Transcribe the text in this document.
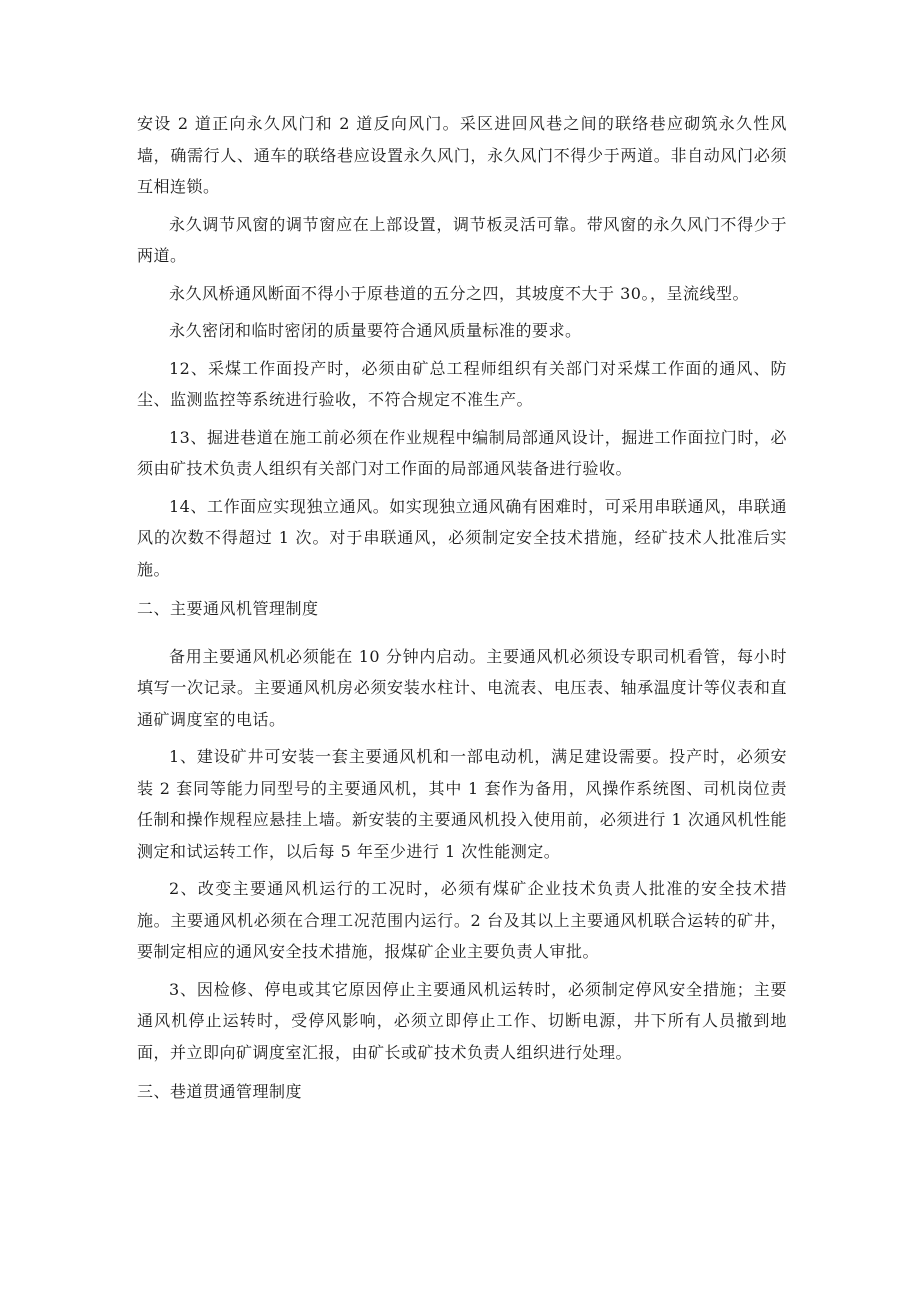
安设 2 道正向永久风门和 2 道反向风门。采区进回风巷之间的联络巷应砌筑永久性风墙，确需行人、通车的联络巷应设置永久风门，永久风门不得少于两道。非自动风门必须互相连锁。

永久调节风窗的调节窗应在上部设置，调节板灵活可靠。带风窗的永久风门不得少于两道。

永久风桥通风断面不得小于原巷道的五分之四，其坡度不大于 30。，呈流线型。

永久密闭和临时密闭的质量要符合通风质量标准的要求。

12、采煤工作面投产时，必须由矿总工程师组织有关部门对采煤工作面的通风、防尘、监测监控等系统进行验收，不符合规定不准生产。

13、掘进巷道在施工前必须在作业规程中编制局部通风设计，掘进工作面拉门时，必须由矿技术负责人组织有关部门对工作面的局部通风装备进行验收。

14、工作面应实现独立通风。如实现独立通风确有困难时，可采用串联通风，串联通风的次数不得超过 1 次。对于串联通风，必须制定安全技术措施，经矿技术人批准后实施。

二、主要通风机管理制度

备用主要通风机必须能在 10 分钟内启动。主要通风机必须设专职司机看管，每小时填写一次记录。主要通风机房必须安装水柱计、电流表、电压表、轴承温度计等仪表和直通矿调度室的电话。

1、建设矿井可安装一套主要通风机和一部电动机，满足建设需要。投产时，必须安装 2 套同等能力同型号的主要通风机，其中 1 套作为备用，风操作系统图、司机岗位责任制和操作规程应悬挂上墙。新安装的主要通风机投入使用前，必须进行 1 次通风机性能测定和试运转工作，以后每 5 年至少进行 1 次性能测定。

2、改变主要通风机运行的工况时，必须有煤矿企业技术负责人批准的安全技术措施。主要通风机必须在合理工况范围内运行。2 台及其以上主要通风机联合运转的矿井，要制定相应的通风安全技术措施，报煤矿企业主要负责人审批。

3、因检修、停电或其它原因停止主要通风机运转时，必须制定停风安全措施；主要通风机停止运转时，受停风影响，必须立即停止工作、切断电源，井下所有人员撤到地面，并立即向矿调度室汇报，由矿长或矿技术负责人组织进行处理。

三、巷道贯通管理制度
